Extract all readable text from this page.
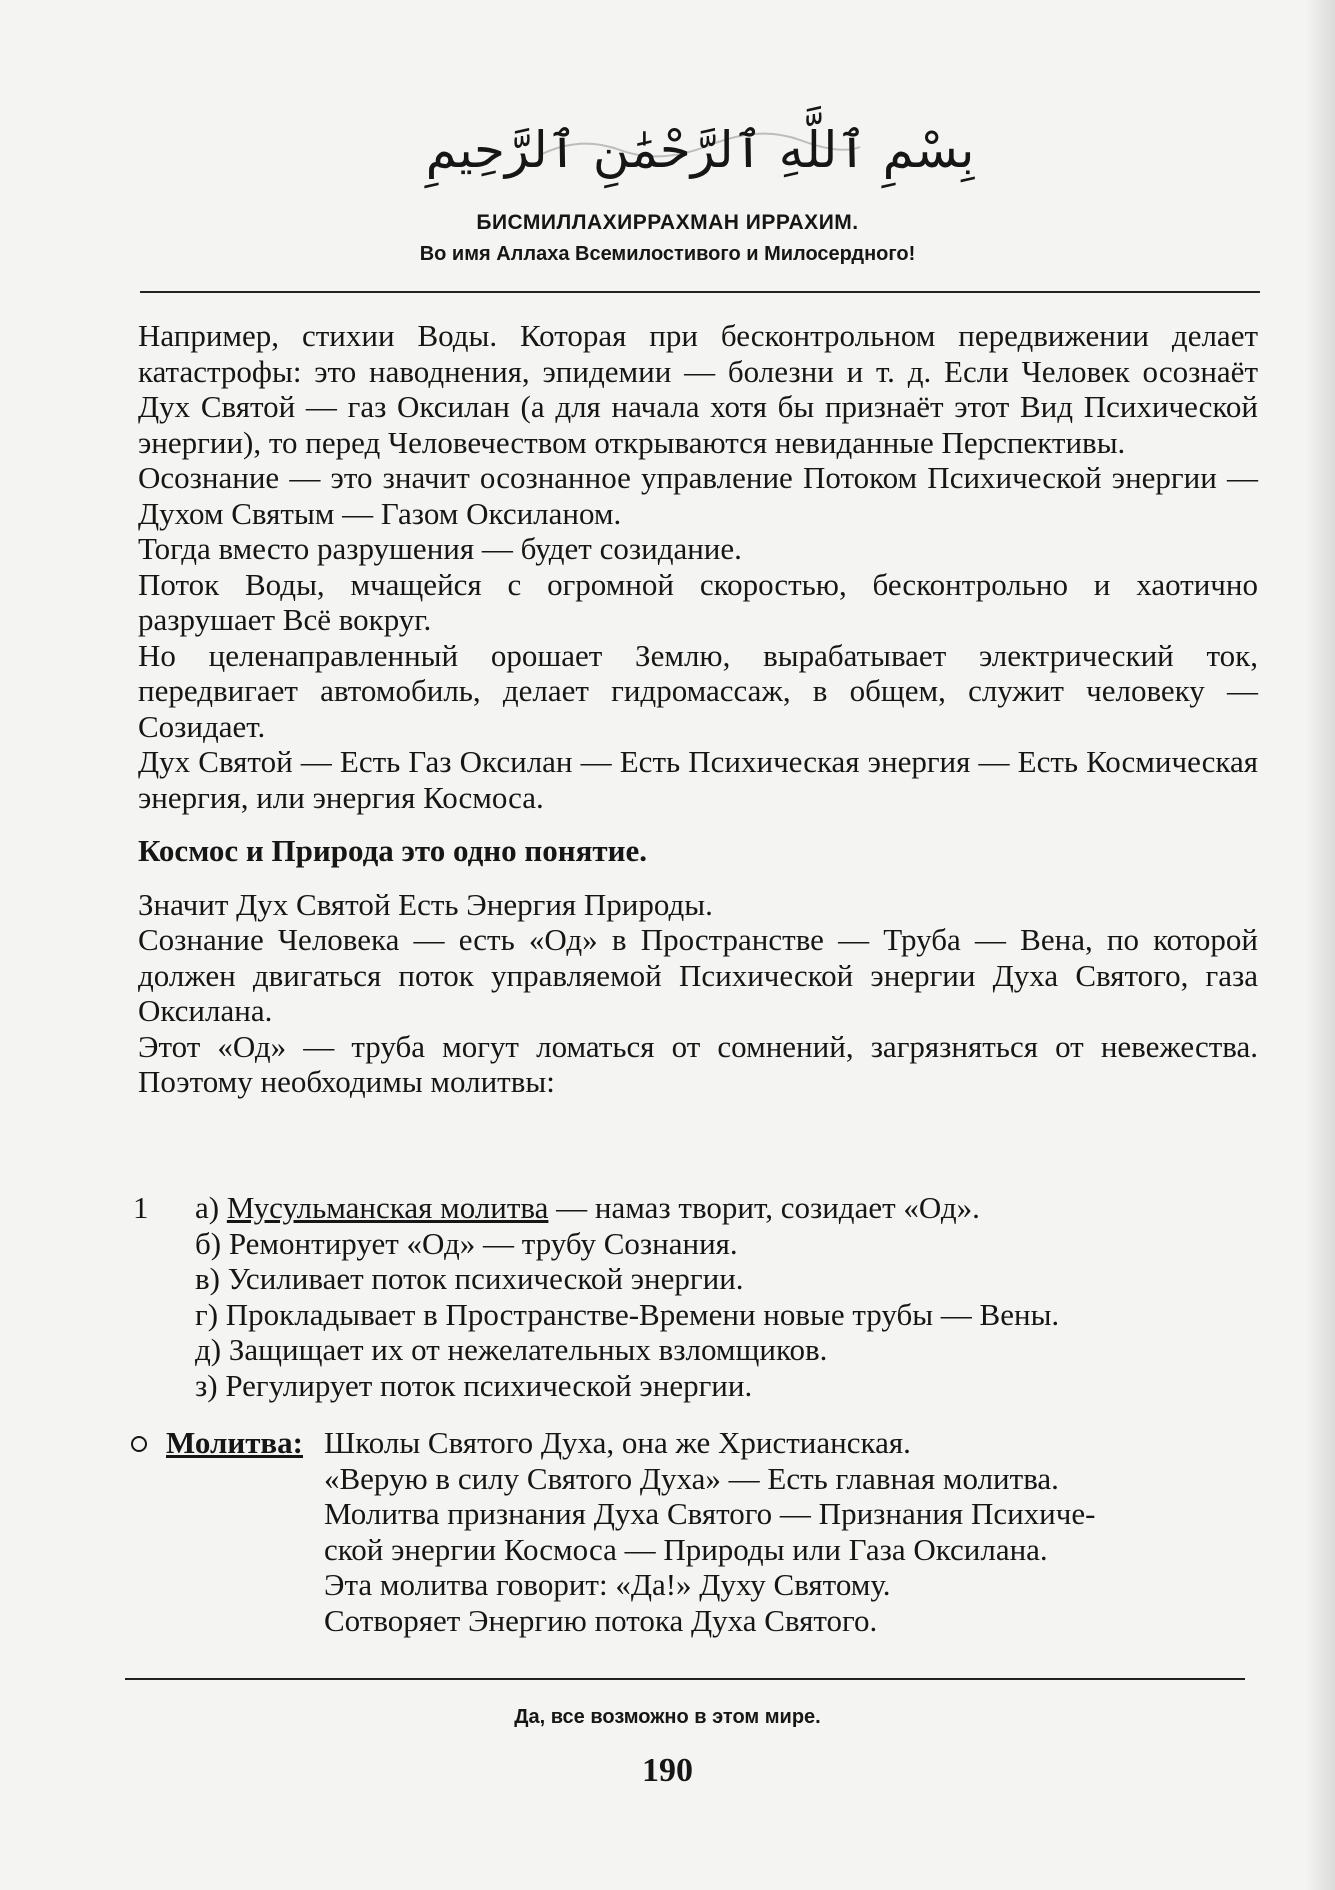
بِسْمِ ٱللَّهِ ٱلرَّحْمَٰنِ ٱلرَّحِيمِ
БИСМИЛЛАХИРРАХМАН ИРРАХИМ.
Во имя Аллаха Всемилостивого и Милосердного!

Например, стихии Воды. Которая при бесконтрольном передвижении делает катастрофы: это наводнения, эпидемии — болезни и т. д. Если Человек осознаёт Дух Святой — газ Оксилан (а для начала хотя бы признаёт этот Вид Психической энергии), то перед Человечеством открываются невиданные Перспективы.

Осознание — это значит осознанное управление Потоком Психической энергии — Духом Святым — Газом Оксиланом.

Тогда вместо разрушения — будет созидание.

Поток Воды, мчащейся с огромной скоростью, бесконтрольно и хаотично разрушает Всё вокруг.

Но целенаправленный орошает Землю, вырабатывает электрический ток, передвигает автомобиль, делает гидромассаж, в общем, служит человеку — Созидает.

Дух Святой — Есть Газ Оксилан — Есть Психическая энергия — Есть Космическая энергия, или энергия Космоса.

Космос и Природа это одно понятие.

Значит Дух Святой Есть Энергия Природы.

Сознание Человека — есть «Од» в Пространстве — Труба — Вена, по которой должен двигаться поток управляемой Психической энергии Духа Святого, газа Оксилана.

Этот «Од» — труба могут ломаться от сомнений, загрязняться от невежества. Поэтому необходимы молитвы:

1 а) Мусульманская молитва — намаз творит, созидает «Од».
б) Ремонтирует «Од» — трубу Сознания.
в) Усиливает поток психической энергии.
г) Прокладывает в Пространстве-Времени новые трубы — Вены.
д) Защищает их от нежелательных взломщиков.
з) Регулирует поток психической энергии.
Молитва: Школы Святого Духа, она же Христианская.
«Верую в силу Святого Духа» — Есть главная молитва.
Молитва признания Духа Святого — Признания Психиче-
ской энергии Космоса — Природы или Газа Оксилана.
Эта молитва говорит: «Да!» Духу Святому.
Сотворяет Энергию потока Духа Святого.
Да, все возможно в этом мире.
190
